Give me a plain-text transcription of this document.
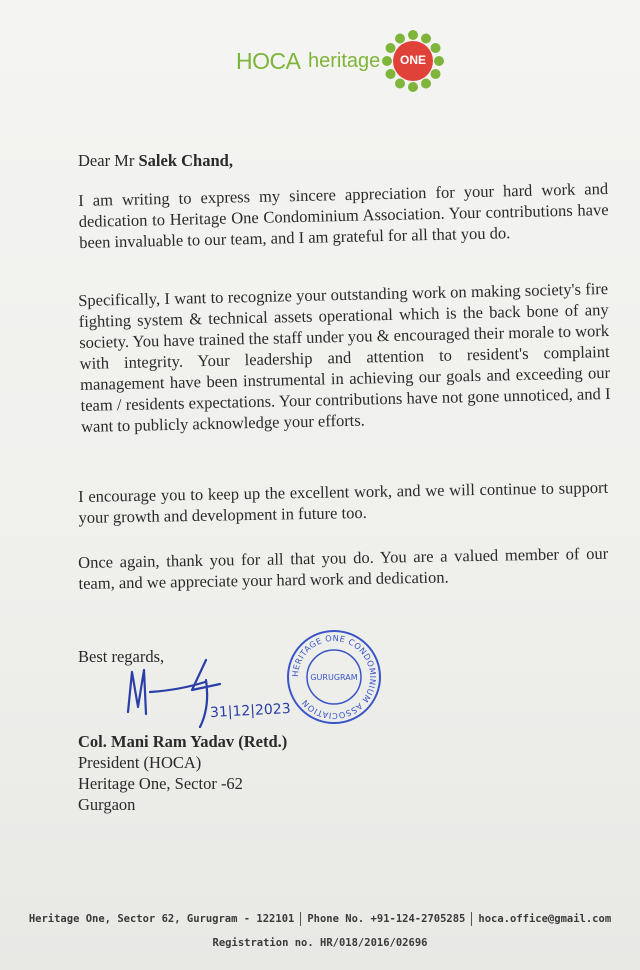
HOCA heritage	ONE
Dear Mr Salek Chand,
I am writing to express my sincere appreciation for your hard work and dedication to Heritage One Condominium Association. Your contributions have been invaluable to our team, and I am grateful for all that you do.
Specifically, I want to recognize your outstanding work on making society's fire fighting system & technical assets operational which is the back bone of any society. You have trained the staff under you & encouraged their morale to work with integrity. Your leadership and attention to resident's complaint management have been instrumental in achieving our goals and exceeding our team / residents expectations. Your contributions have not gone unnoticed, and I want to publicly acknowledge your efforts.
I encourage you to keep up the excellent work, and we will continue to support your growth and development in future too.
Once again, thank you for all that you do. You are a valued member of our team, and we appreciate your hard work and dedication.
Best regards,
HERITAGE ONE CONDOMINIUM ASSOCIATION
GURUGRAM
31|12|2023
Col. Mani Ram Yadav (Retd.)
President (HOCA)
Heritage One, Sector -62
Gurgaon
Heritage One, Sector 62, Gurugram - 122101 Phone No. +91-124-2705285 hoca.office@gmail.com
Registration no. HR/018/2016/02696
